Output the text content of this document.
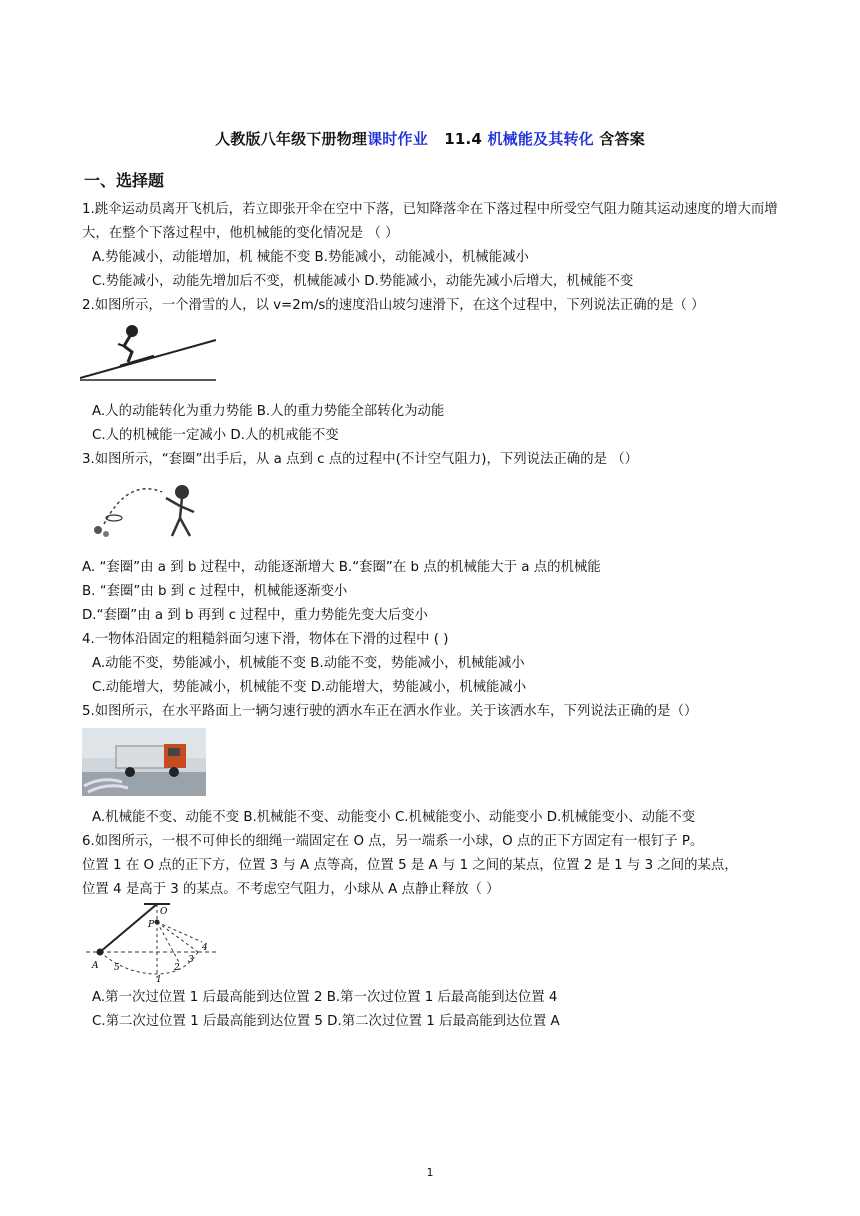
人教版八年级下册物理课时作业 11.4 机械能及其转化 含答案
一、选择题
1.跳伞运动员离开飞机后，若立即张开伞在空中下落，已知降落伞在下落过程中所受空气阻力随其运动速度的增大而增大，在整个下落过程中，他机械能的变化情况是 （ ）
A.势能减小，动能增加，机 械能不变 B.势能减小，动能减小，机械能减小
C.势能减小，动能先增加后不变，机械能减小 D.势能减小，动能先减小后增大，机械能不变
2.如图所示，一个滑雪的人，以 v=2m/s的速度沿山坡匀速滑下，在这个过程中，下列说法正确的是（ ）
A.人的动能转化为重力势能 B.人的重力势能全部转化为动能
C.人的机械能一定减小 D.人的机戒能不变
3.如图所示，“套圈”出手后，从 a 点到 c 点的过程中(不计空气阻力)，下列说法正确的是 （）
A. “套圈”由 a 到 b 过程中，动能逐渐增大 B.“套圈”在 b 点的机械能大于 a 点的机械能
B. “套圈”由 b 到 c 过程中，机械能逐渐变小
D.“套圈”由 a 到 b 再到 c 过程中，重力势能先变大后变小
4.一物体沿固定的粗糙斜面匀速下滑，物体在下滑的过程中 ( )
A.动能不变，势能减小，机械能不变 B.动能不变，势能减小，机械能减小
C.动能增大，势能减小，机械能不变 D.动能增大，势能减小，机械能减小
5.如图所示，在水平路面上一辆匀速行驶的洒水车正在洒水作业。关于该洒水车，下列说法正确的是（）
A.机械能不变、动能不变 B.机械能不变、动能变小 C.机械能变小、动能变小 D.机械能变小、动能不变
6.如图所示，一根不可伸长的细绳一端固定在 O 点，另一端系一小球，O 点的正下方固定有一根钉子 P。
位置 1 在 O 点的正下方，位置 3 与 A 点等高，位置 5 是 A 与 1 之间的某点，位置 2 是 1 与 3 之间的某点，
位置 4 是高于 3 的某点。不考虑空气阻力，小球从 A 点静止释放（ ）
O
P
A
1
2
3
4
5
A.第一次过位置 1 后最高能到达位置 2 B.第一次过位置 1 后最高能到达位置 4
C.第二次过位置 1 后最高能到达位置 5 D.第二次过位置 1 后最高能到达位置 A
1
